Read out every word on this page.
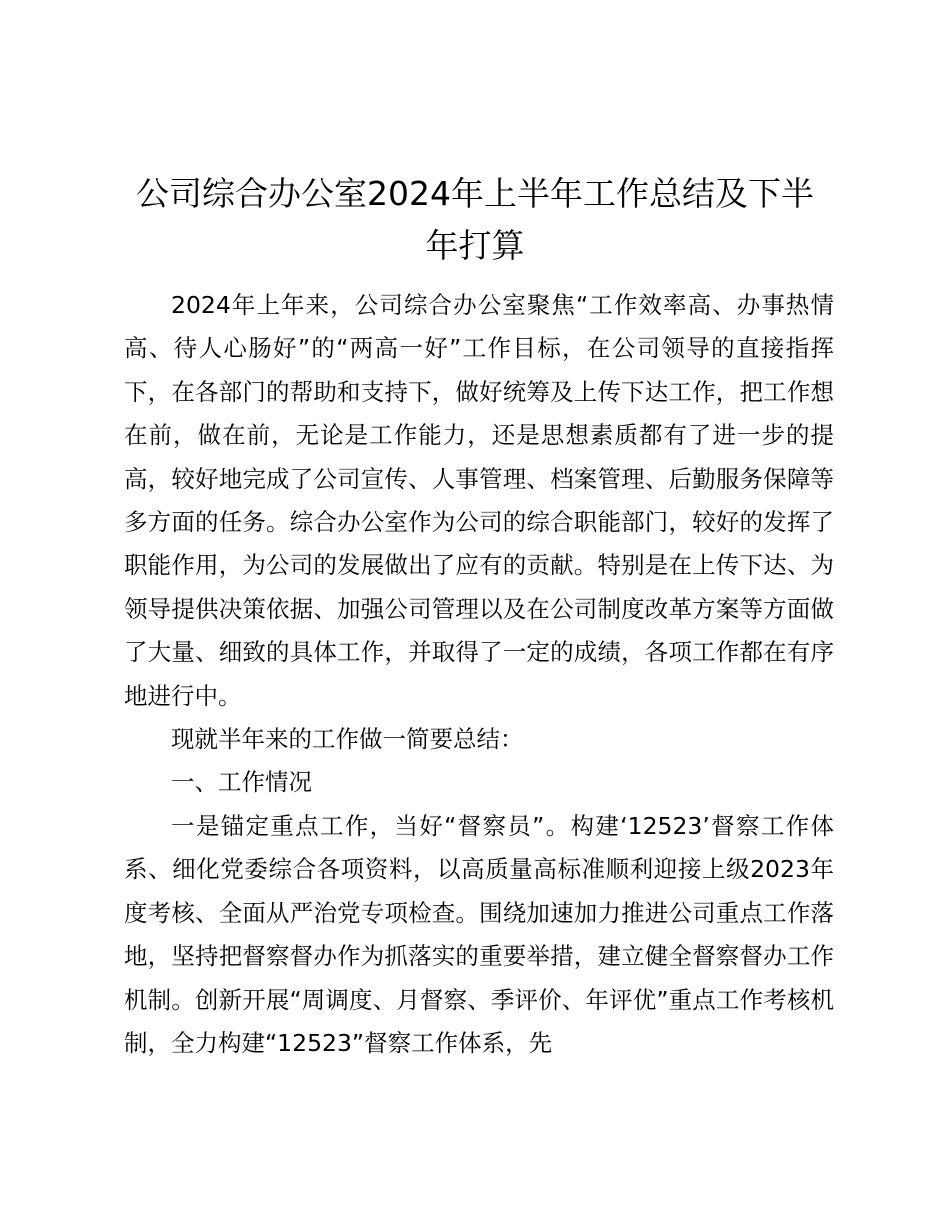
公司综合办公室2024年上半年工作总结及下半年打算

2024年上年来，公司综合办公室聚焦“工作效率高、办事热情高、待人心肠好”的“两高一好”工作目标，在公司领导的直接指挥下，在各部门的帮助和支持下，做好统筹及上传下达工作，把工作想在前，做在前，无论是工作能力，还是思想素质都有了进一步的提高，较好地完成了公司宣传、人事管理、档案管理、后勤服务保障等多方面的任务。综合办公室作为公司的综合职能部门，较好的发挥了职能作用，为公司的发展做出了应有的贡献。特别是在上传下达、为领导提供决策依据、加强公司管理以及在公司制度改革方案等方面做了大量、细致的具体工作，并取得了一定的成绩，各项工作都在有序地进行中。

现就半年来的工作做一简要总结：

一、工作情况

一是锚定重点工作，当好“督察员”。构建‘12523’督察工作体系、细化党委综合各项资料，以高质量高标准顺利迎接上级2023年度考核、全面从严治党专项检查。围绕加速加力推进公司重点工作落地，坚持把督察督办作为抓落实的重要举措，建立健全督察督办工作机制。创新开展“周调度、月督察、季评价、年评优”重点工作考核机制，全力构建“12523”督察工作体系，先
